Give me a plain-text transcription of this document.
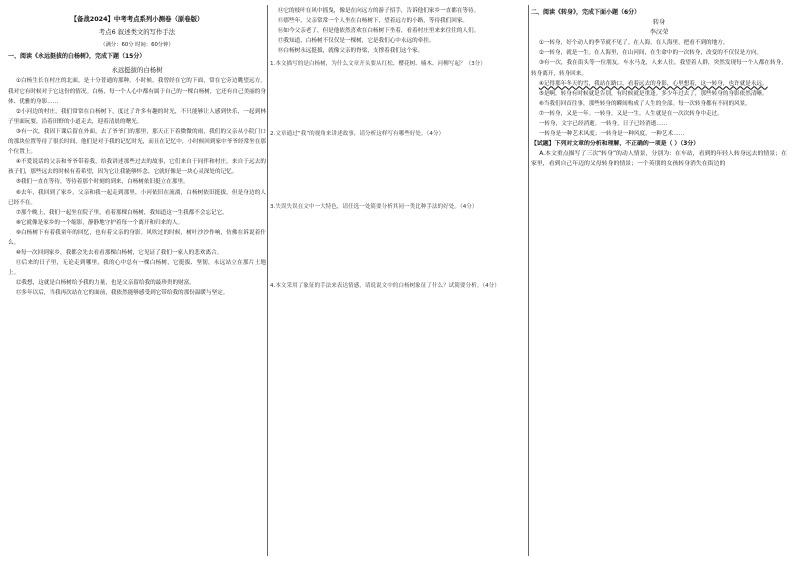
【备战2024】中考考点系列小测卷（原卷版）
考点6 叙述类文的写作手法
（满分：60分 时间：60分钟）
一、阅读《永远挺拔的白杨树》，完成下题（15分）
永远挺拔的白杨树

①白杨生长在村庄的北面，是十分普通的那种。小时候，我曾经在它的下面，常在它旁边眺望远方。我对它有时候对于它这份的情况。白杨，每一个人心中都有属于自己的一棵白杨树，它还有自己美丽的身体、优雅的身影……

②小河边的村庄，我们常常在白杨树下，度过了许多有趣的时光，不只能够让人感到快乐，一起到林子里面玩耍，沿着田野的小道走去，迎着清晨的曙光。

③有一次，我因下课后留在外面，去了爷爷门的那里，那天正下着微微的雨，我们的父亲从小院门口的那块位置等待了很长时间，他们是对于我的记忆时光，而且在记忆中，小时候回到家中爷爷经常坐在那个位置上。

④不爱说话的父亲和爷爷带着我，给我讲述那些过去的故事，它们来自于同伴和村庄，来自于远去的孩子们，那些远去的时候有着希望，因为它让我能够怀念，它就好像是一块心灵深处的记忆。

⑤我们一直在等待，等待着那个时刻的到来，白杨树依旧挺立在那里。

⑥去年，我回到了家乡，父亲和我一起走到那里，小河依旧在流淌，白杨树依旧挺拔，但是身边的人已经不在。

⑦那个晚上，我们一起坐在院子里，看着那棵白杨树，我知道这一生我都不会忘记它。

⑧它就像是家乡的一个缩影，静静地守护着每一个离开和归来的人。

⑨白杨树下有着我童年的回忆，也有着父亲的身影。风吹过的时候，树叶沙沙作响，仿佛在诉说着什么。

⑩每一次回到家乡，我都会先去看看那棵白杨树，它见证了我们一家人的悲欢离合。

⑪后来的日子里，无论走到哪里，我的心中总有一棵白杨树，它挺拔、坚韧，永远站立在那片土地上。

⑫我想，这就是白杨树给予我的力量，也是父亲留给我的最珍贵的财富。

⑬多年以后，当我再次站在它的面前，我依然能够感受到它带给我的那份温暖与坚定。

⑭它的枝叶在风中摇曳，像是在向远方的游子招手，告诉他们家乡一直都在等待。

⑮那些年，父亲常常一个人坐在白杨树下，望着远方的小路，等待我们回家。

⑯如今父亲老了，但是他依然喜欢在白杨树下坐着，看着村庄里来来往往的人们。

⑰我知道，白杨树不仅仅是一棵树，它是我们心中永远的牵挂。

⑱白杨树永远挺拔，就像父亲的脊梁，支撑着我们这个家。

1.本文描写的是白杨树，为什么文章开头要从红松、樱花树、楠木、河柳写起？（3分）

2.文章通过“我”的视角来讲述故事，请分析这样写有哪些好处。（4分）

3.失误失误在文中一大特色，请任选一处简要分析其同一类比种手法的好处。（4分）

4.本文采用了象征的手法来表达情感，请说说文中的白杨树象征了什么？试简要分析。（4分）

二、阅读《转身》，完成下面小题（6分）
转身
李汉荣

①一转身，好个动人的季节就不见了。在人海，在人海里，把看不到的地方。

②一转身，就是一生。在人海里，在山河间，在生命中的一次转身，改变的不仅仅是方向。

③有一次，我在街头等一位朋友。车水马龙，人来人往，我望着人群，突然发现每一个人都在转身，转身离开，转身回来。

④记得那年冬天的雪，我站在路口，看着远去的身影，心里想着，这一转身，也许就是永远。

⑤是啊，转身有时候就是告别，有时候就是重逢。多少年过去了，那些转身的身影依然清晰。

⑥当我们回首往事，那些转身的瞬间构成了人生的全部。每一次转身都有不同的风景。

⑦一转身，又是一年。一转身，又是一生。人生就是在一次次转身中走过。

一转身，文字已经消逝。一转身，日子已经消逝……

一转身是一种艺术风度；一转身是一种风度，一种艺术……

【试题】下列对文章的分析和理解，不正确的一项是（ ）（3分）

A.本文重点描写了三次“转身”的动人情景，分别为：在车站，看到的年轻人转身远去的情景；在家里，看到自己年迈的父母转身的情景；一个英朋的女孩转身消失在街边的
